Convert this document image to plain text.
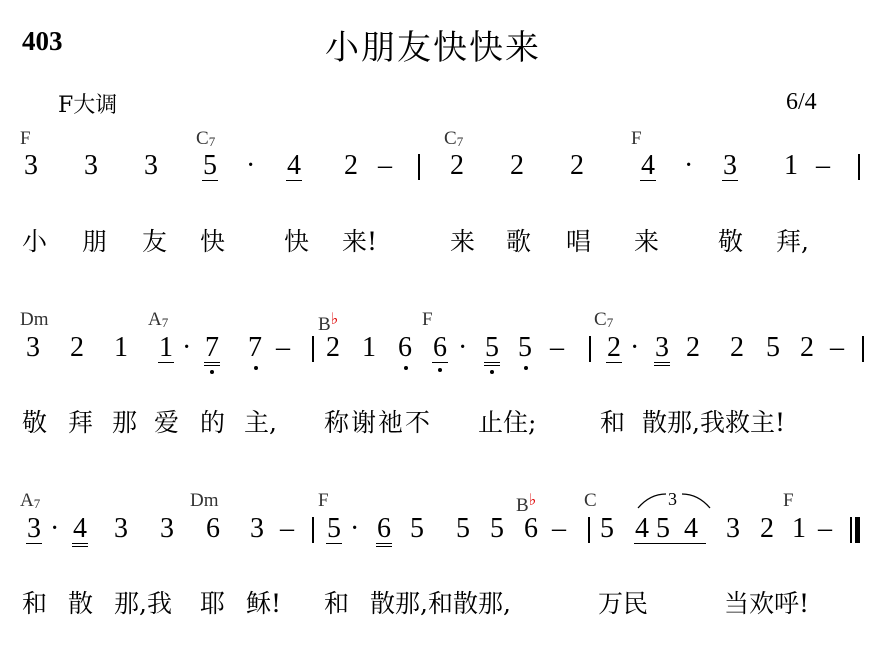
403	小朋友快快来
F大调	6/4
F	$C_7$	$C_7$	F
3 3 3 5 · 4 2 – 2 2 2 4 · 3 1 –
小 朋 友 快 快 来!	来 歌 唱 来 敬 拜,
Dm	$A_7$	B♭	F	$C_7$
3 2 1 1 · 7 7 – 2 1 6 6 · 5 5 – 2 · 3 2 2 5 2 –
敬 拜 那 爱 的 主, 称谢祂不 止住;	和 散那,我救主!
$A_7$	Dm	F	B♭	C	F
3
3 · 4 3 3 6 3 – 5 · 6 5 5 5 6 – 5 4 5 4 3 2 1 –
和 散 那,我 耶 稣! 和 散那,和散那,	万民	当欢呼!
